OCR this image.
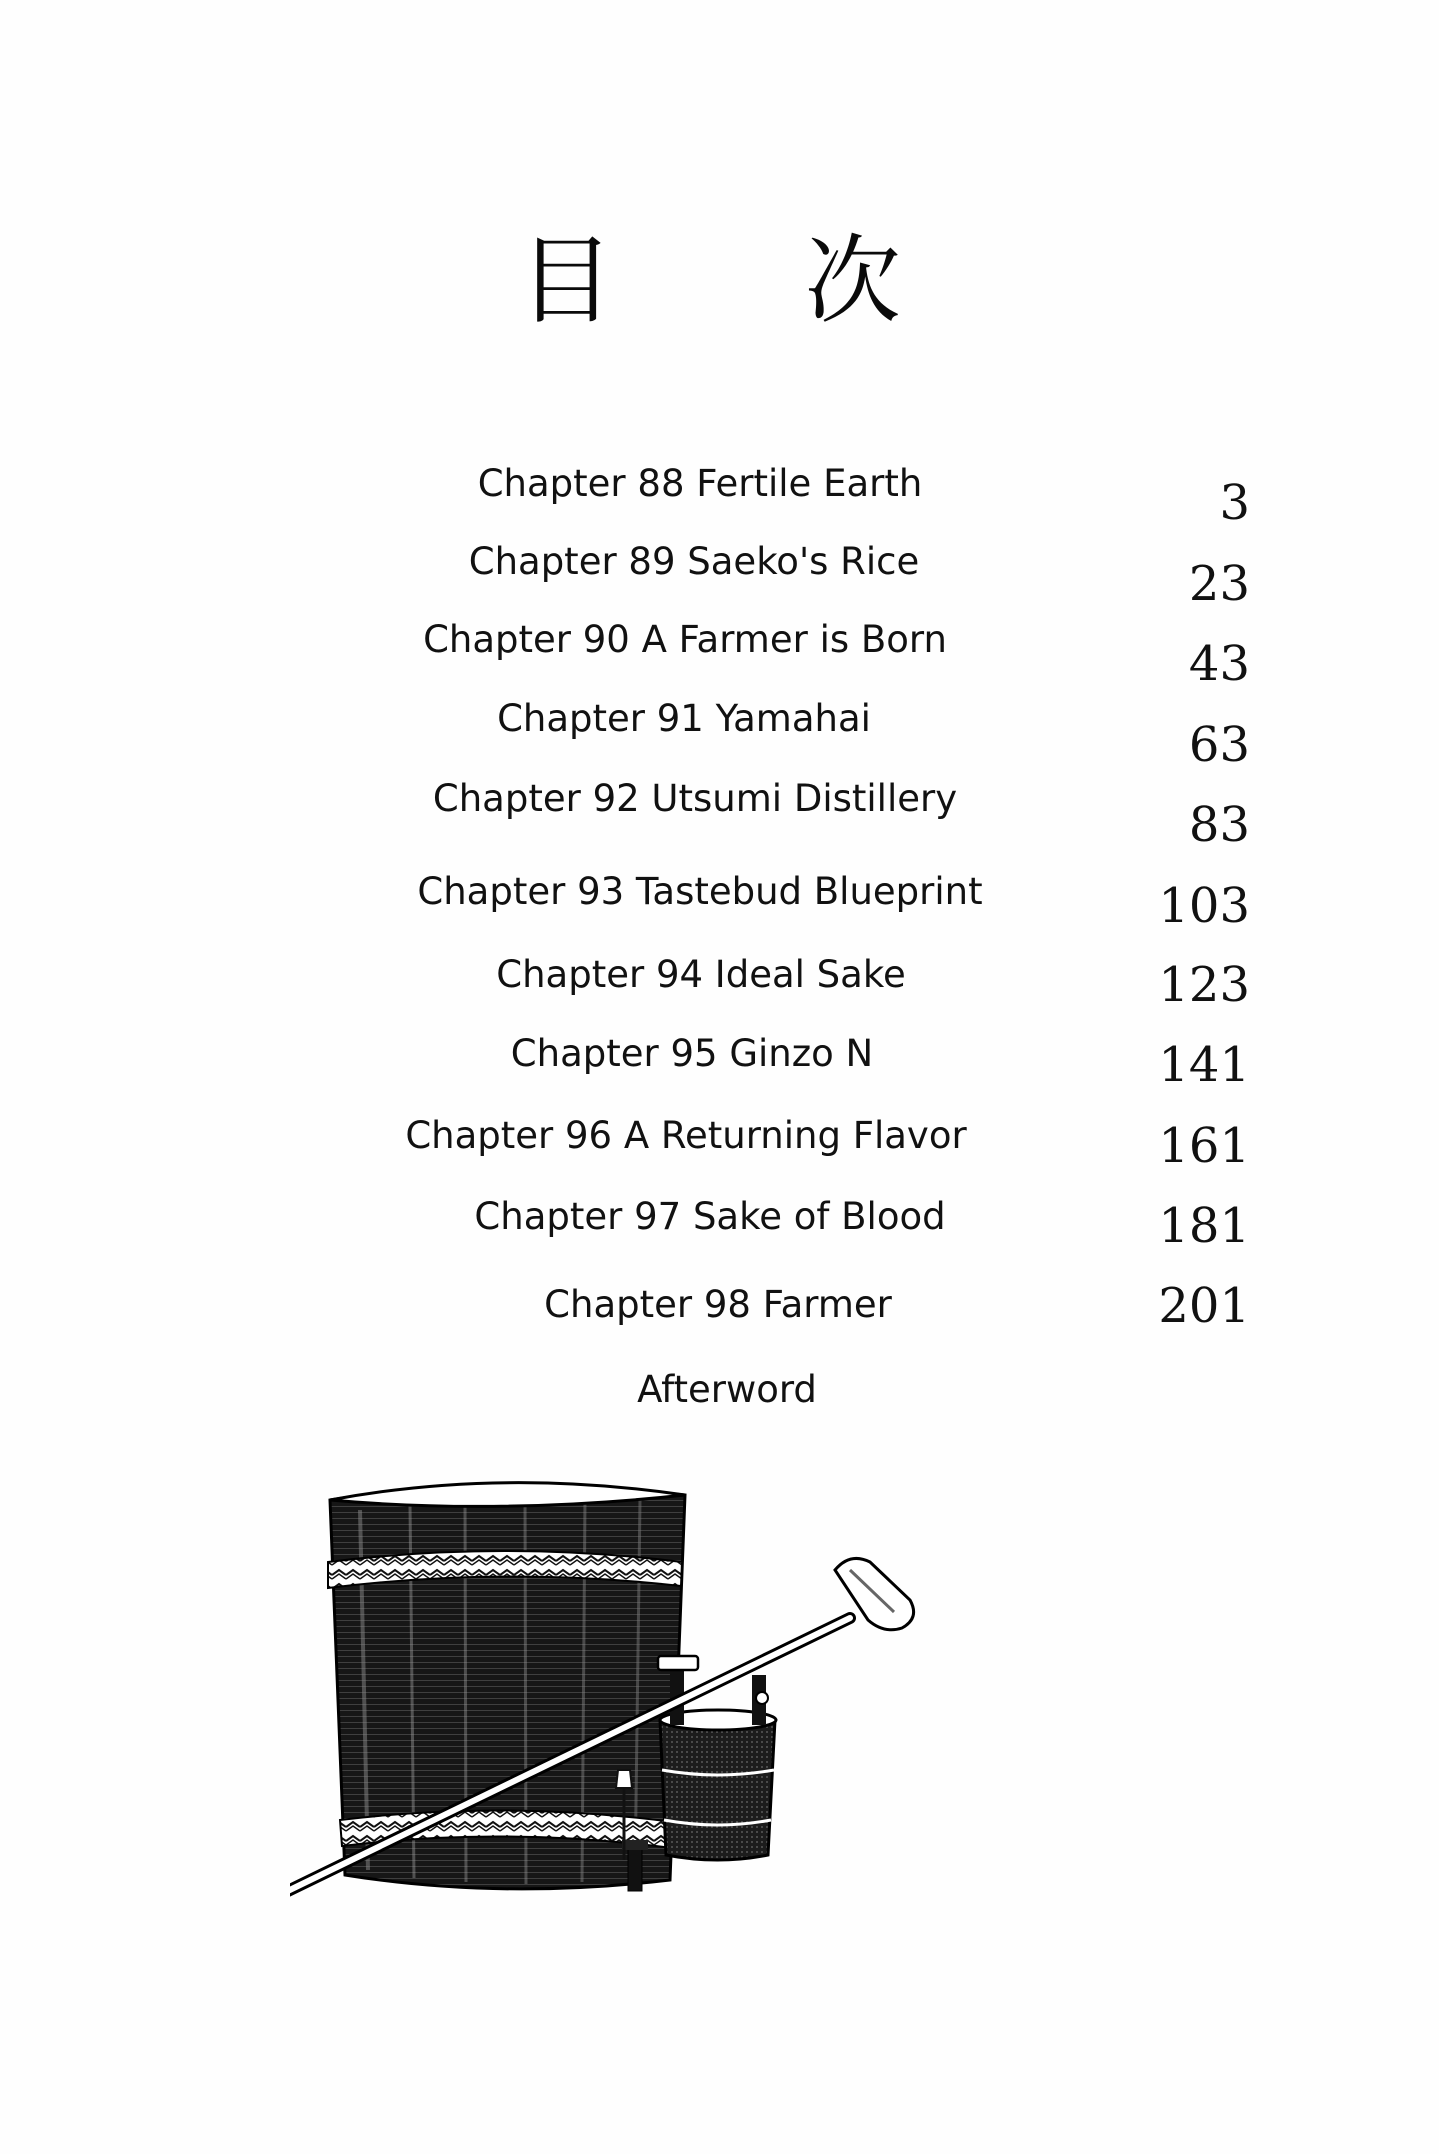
目 次
Chapter 88 Fertile Earth	3
Chapter 89 Saeko's Rice	23
Chapter 90 A Farmer is Born	43
Chapter 91 Yamahai	63
Chapter 92 Utsumi Distillery	83
Chapter 93 Tastebud Blueprint	103
Chapter 94 Ideal Sake	123
Chapter 95 Ginzo N	141
Chapter 96 A Returning Flavor	161
Chapter 97 Sake of Blood	181
Chapter 98 Farmer	201
Afterword
